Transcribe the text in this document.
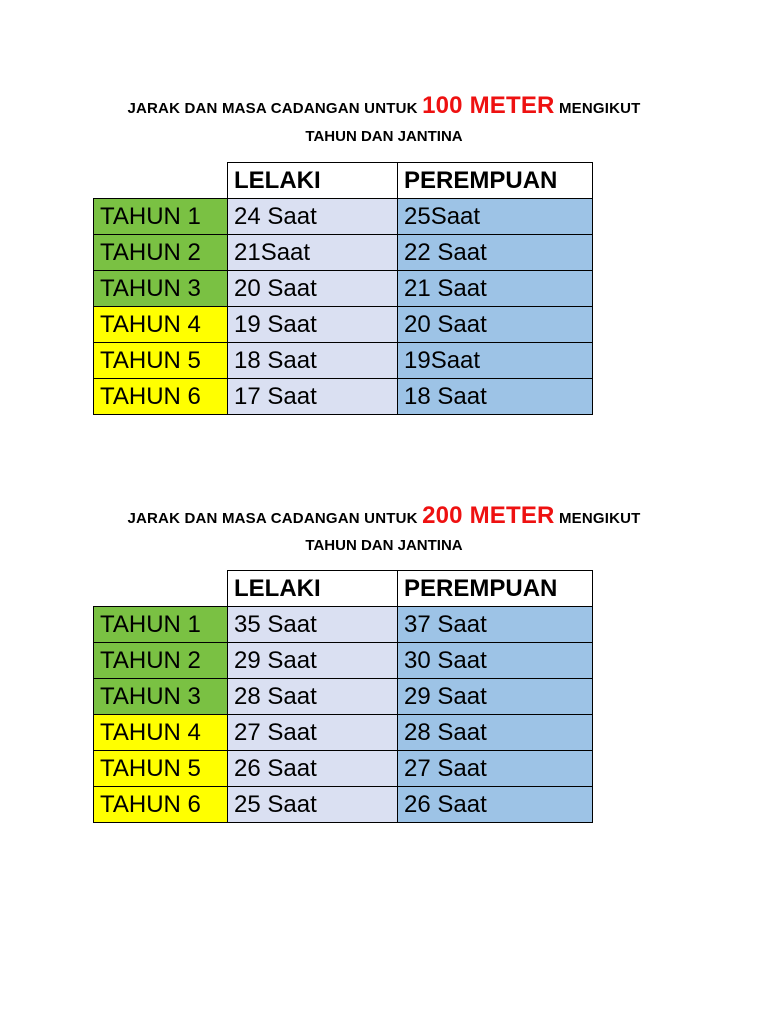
JARAK DAN MASA CADANGAN UNTUK 100 METER MENGIKUT
TAHUN DAN JANTINA
	LELAKI	PEREMPUAN
TAHUN 1	24 Saat	25Saat
TAHUN 2	21Saat	22 Saat
TAHUN 3	20 Saat	21 Saat
TAHUN 4	19 Saat	20 Saat
TAHUN 5	18 Saat	19Saat
TAHUN 6	17 Saat	18 Saat
JARAK DAN MASA CADANGAN UNTUK 200 METER MENGIKUT
TAHUN DAN JANTINA
	LELAKI	PEREMPUAN
TAHUN 1	35 Saat	37 Saat
TAHUN 2	29 Saat	30 Saat
TAHUN 3	28 Saat	29 Saat
TAHUN 4	27 Saat	28 Saat
TAHUN 5	26 Saat	27 Saat
TAHUN 6	25 Saat	26 Saat
